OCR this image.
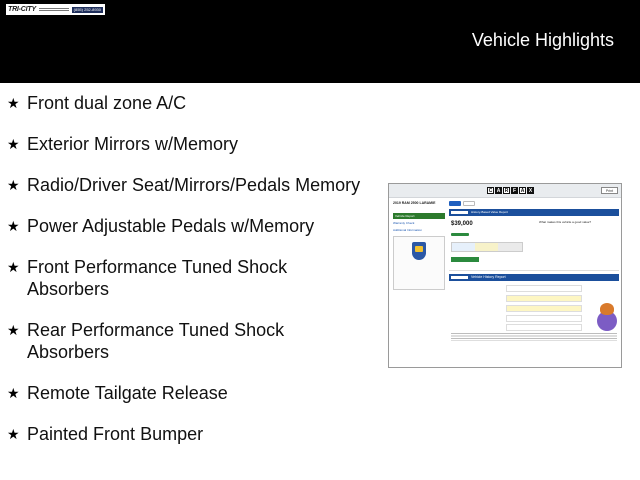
TRI-CITY	(855) 252-8930
Vehicle Highlights
★ Front dual zone A/C
★ Exterior Mirrors w/Memory
★ Radio/Driver Seat/Mirrors/Pedals Memory
★ Power Adjustable Pedals w/Memory
★ Front Performance Tuned Shock Absorbers
★ Rear Performance Tuned Shock Absorbers
★ Remote Tailgate Release
★ Painted Front Bumper
C A R F A X	Print
2019 RAM 2500 LARAMIE

Vehicle Report
Warranty Check
Additional Information

History-Based Value Report
$39,000	What makes this vehicle a good value?
Vehicle History Report
